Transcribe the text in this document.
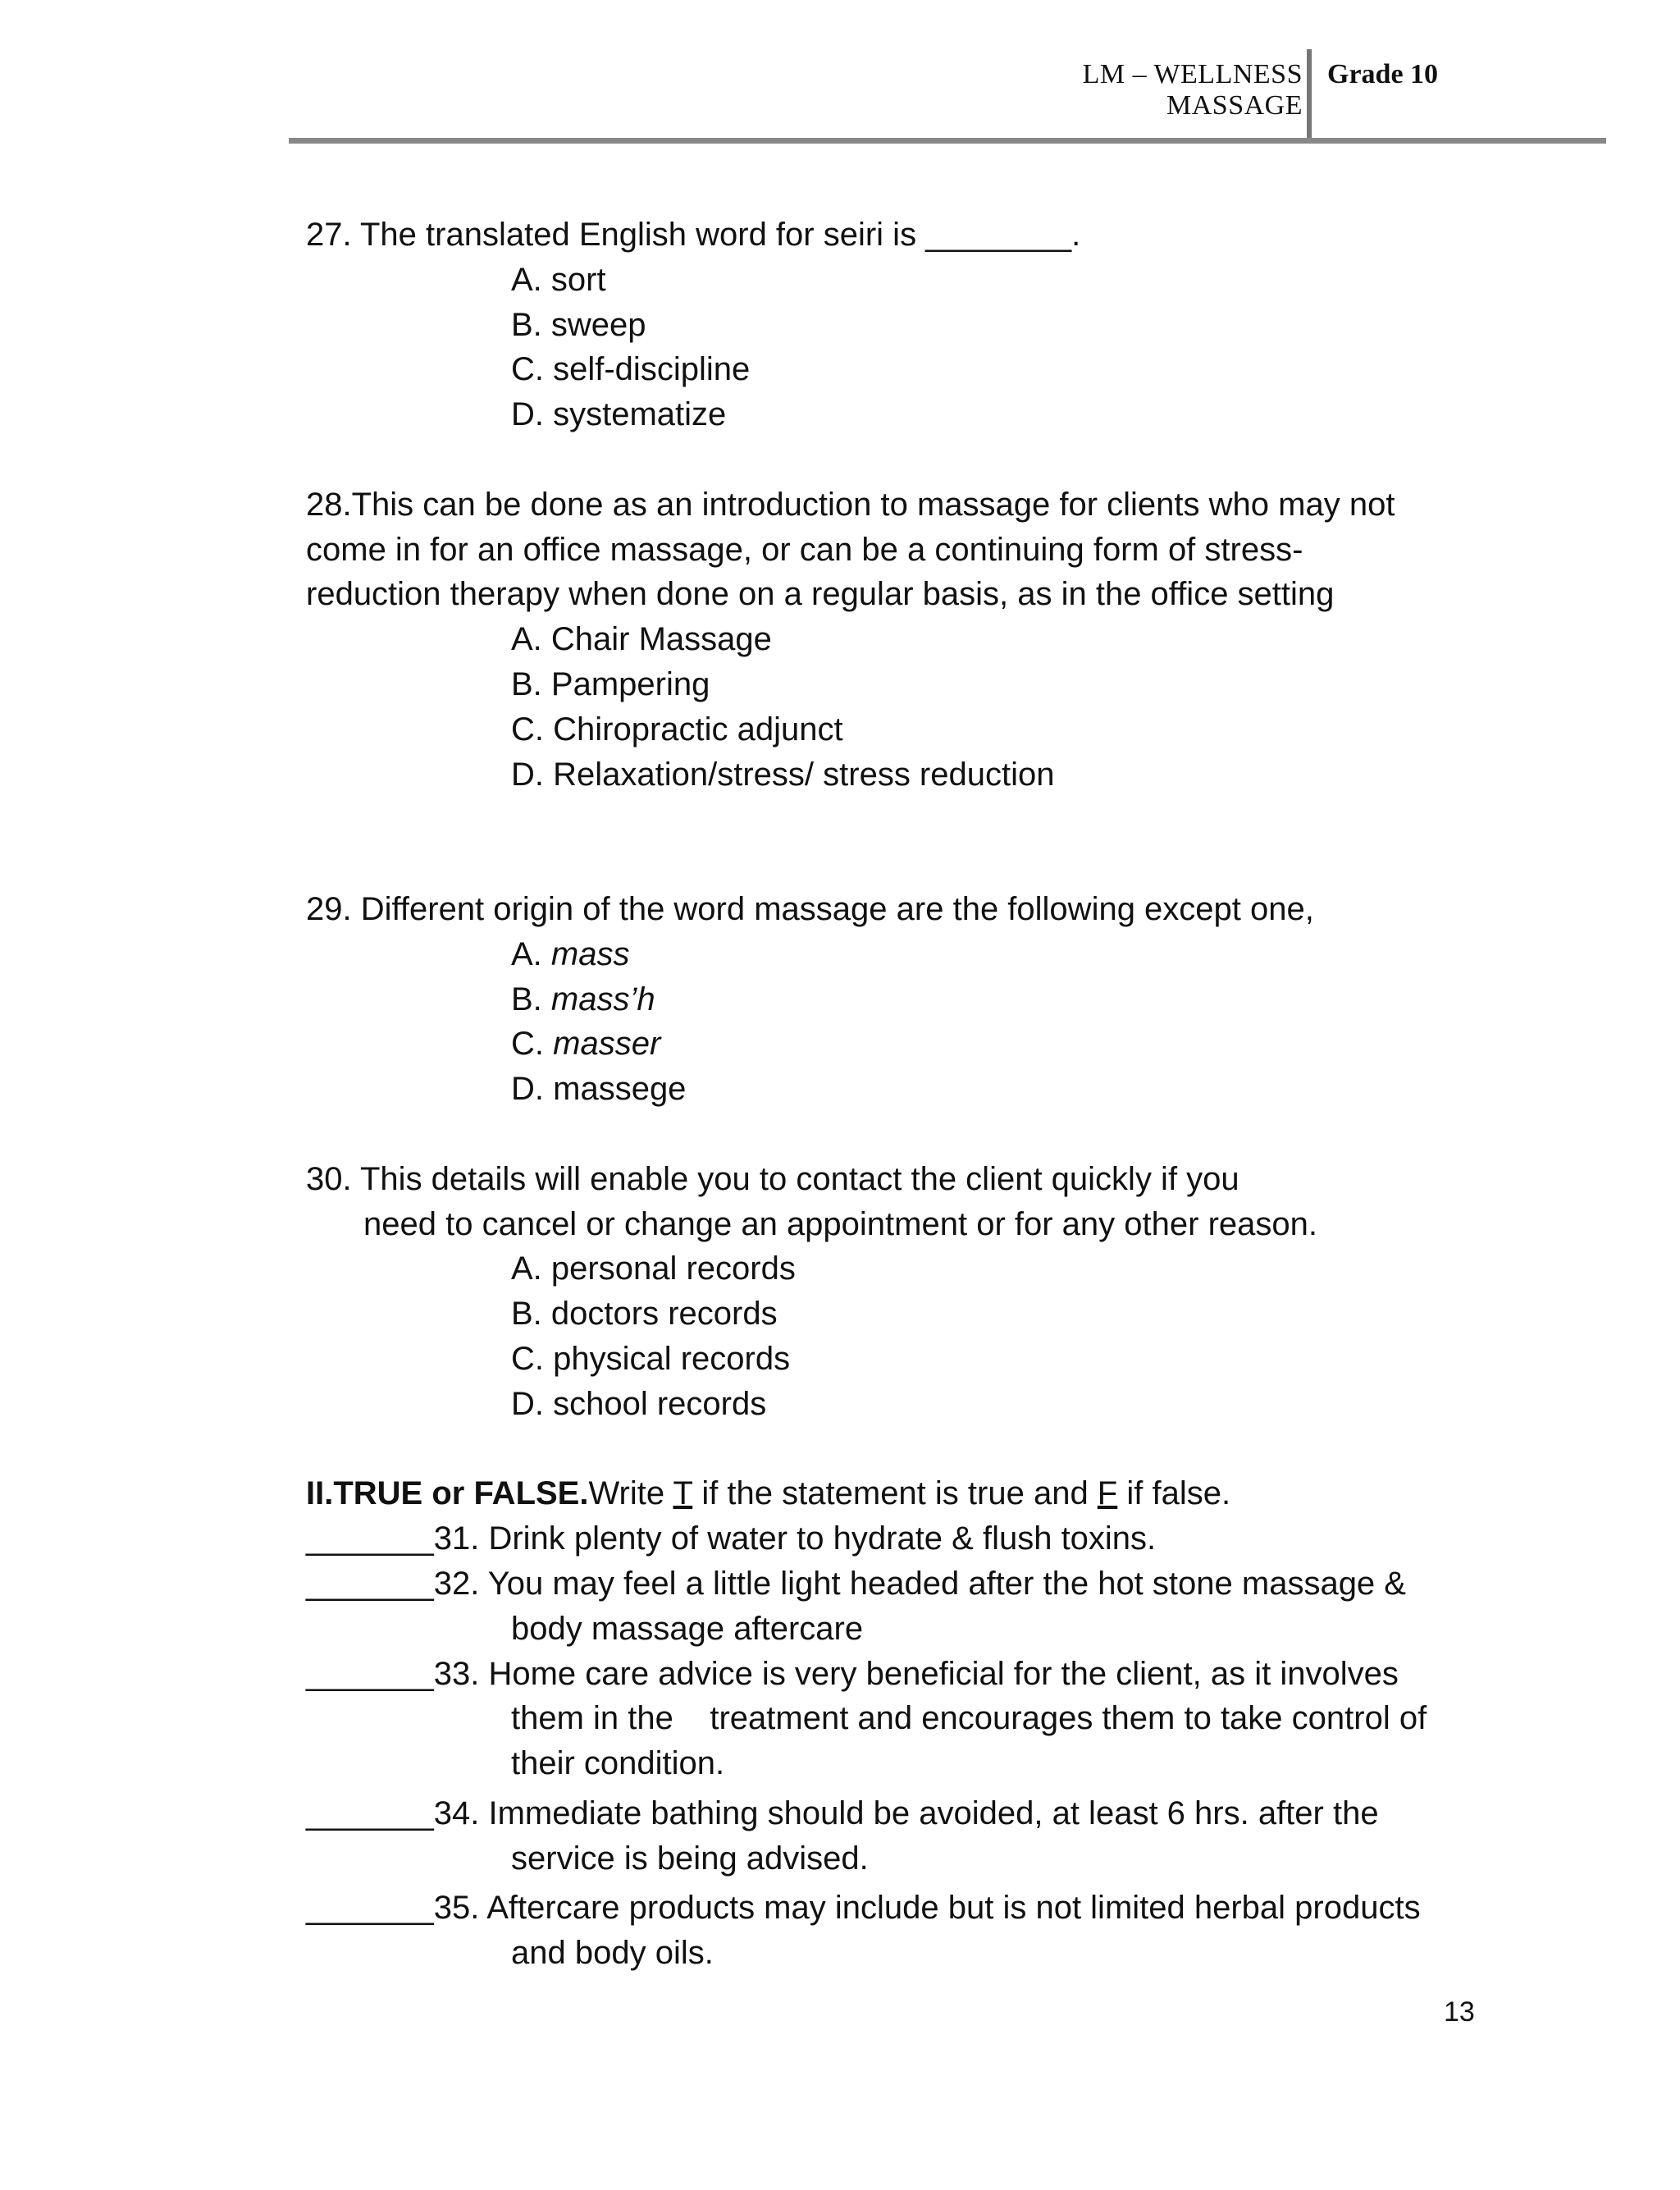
LM – WELLNESS MASSAGE
Grade 10
27. The translated English word for seiri is ________.
A. sort
B. sweep
C. self-discipline
D. systematize
28.This can be done as an introduction to massage for clients who may not
come in for an office massage, or can be a continuing form of stress-
reduction therapy when done on a regular basis, as in the office setting
A. Chair Massage
B. Pampering
C. Chiropractic adjunct
D. Relaxation/stress/ stress reduction
29. Different origin of the word massage are the following except one,
A. mass
B. mass’h
C. masser
D. massege
30. This details will enable you to contact the client quickly if you
need to cancel or change an appointment or for any other reason.
A. personal records
B. doctors records
C. physical records
D. school records
II.TRUE or FALSE.Write T if the statement is true and F if false.
_______31. Drink plenty of water to hydrate & flush toxins.
_______32. You may feel a little light headed after the hot stone massage &
body massage aftercare
_______33. Home care advice is very beneficial for the client, as it involves
them in the    treatment and encourages them to take control of
their condition.
_______34. Immediate bathing should be avoided, at least 6 hrs. after the
service is being advised.
_______35. Aftercare products may include but is not limited herbal products
and body oils.
13
